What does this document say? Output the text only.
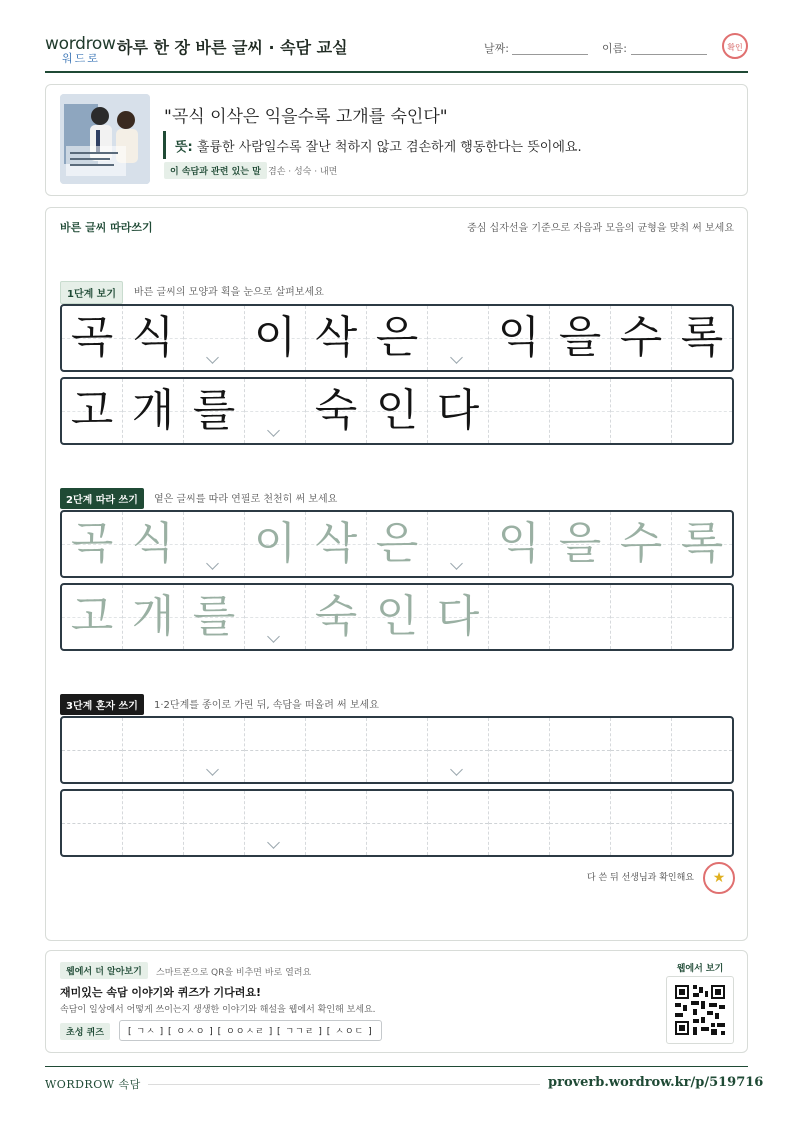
wordrow
워드로
하루 한 장 바른 글씨 · 속담 교실	날짜:	이름:	확인
"곡식 이삭은 익을수록 고개를 숙인다"
뜻: 훌륭한 사람일수록 잘난 척하지 않고 겸손하게 행동한다는 뜻이에요.
이 속담과 관련 있는 말 겸손 · 성숙 · 내면
바른 글씨 따라쓰기	중심 십자선을 기준으로 자음과 모음의 균형을 맞춰 써 보세요
1단계 보기	바른 글씨의 모양과 획을 눈으로 살펴보세요
곡 식 이 삭 은 익 을 수 록
고 개 를 숙 인 다
2단계 따라 쓰기	옅은 글씨를 따라 연필로 천천히 써 보세요
곡 식 이 삭 은 익 을 수 록
고 개 를 숙 인 다
3단계 혼자 쓰기	1·2단계를 종이로 가린 뒤, 속담을 떠올려 써 보세요
다 쓴 뒤 선생님과 확인해요	★
웹에서 더 알아보기	스마트폰으로 QR을 비추면 바로 열려요
재미있는 속담 이야기와 퀴즈가 기다려요!
속담이 일상에서 어떻게 쓰이는지 생생한 이야기와 해설을 웹에서 확인해 보세요.
초성 퀴즈	[ ㄱㅅ ] [ ㅇㅅㅇ ] [ ㅇㅇㅅㄹ ] [ ㄱㄱㄹ ] [ ㅅㅇㄷ ]
웹에서 보기
WORDROW 속담	proverb.wordrow.kr/p/519716
